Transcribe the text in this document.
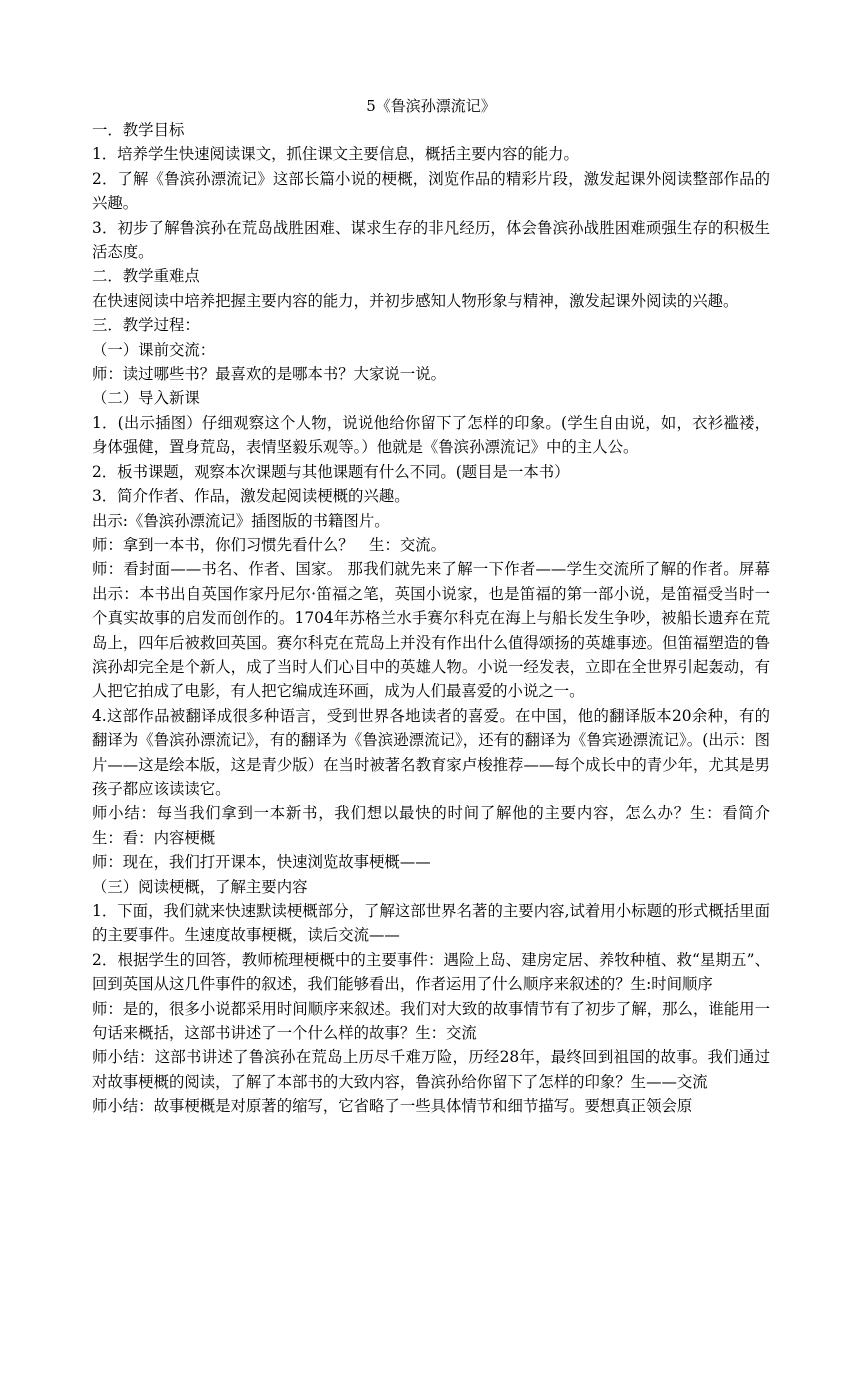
5《鲁滨孙漂流记》

一．教学目标

1．培养学生快速阅读课文，抓住课文主要信息，概括主要内容的能力。

2．了解《鲁滨孙漂流记》这部长篇小说的梗概，浏览作品的精彩片段，激发起课外阅读整部作品的兴趣。

3．初步了解鲁滨孙在荒岛战胜困难、谋求生存的非凡经历，体会鲁滨孙战胜困难顽强生存的积极生活态度。

二．教学重难点

在快速阅读中培养把握主要内容的能力，并初步感知人物形象与精神，激发起课外阅读的兴趣。

三．教学过程：

（一）课前交流：

师：读过哪些书？最喜欢的是哪本书？大家说一说。

（二）导入新课

1．(出示插图）仔细观察这个人物，说说他给你留下了怎样的印象。(学生自由说，如，衣衫褴褛，身体强健，置身荒岛，表情坚毅乐观等。）他就是《鲁滨孙漂流记》中的主人公。

2．板书课题，观察本次课题与其他课题有什么不同。(题目是一本书）

3．简介作者、作品，激发起阅读梗概的兴趣。

出示:《鲁滨孙漂流记》插图版的书籍图片。

师：拿到一本书，你们习惯先看什么？　生：交流。

师：看封面——书名、作者、国家。 那我们就先来了解一下作者——学生交流所了解的作者。屏幕出示：本书出自英国作家丹尼尔·笛福之笔，英国小说家，也是笛福的第一部小说，是笛福受当时一个真实故事的启发而创作的。1704年苏格兰水手赛尔科克在海上与船长发生争吵，被船长遗弃在荒岛上，四年后被救回英国。赛尔科克在荒岛上并没有作出什么值得颂扬的英雄事迹。但笛福塑造的鲁滨孙却完全是个新人，成了当时人们心目中的英雄人物。小说一经发表，立即在全世界引起轰动，有人把它拍成了电影，有人把它编成连环画，成为人们最喜爱的小说之一。

4.这部作品被翻译成很多种语言，受到世界各地读者的喜爱。在中国，他的翻译版本20余种，有的翻译为《鲁滨孙漂流记》，有的翻译为《鲁滨逊漂流记》，还有的翻译为《鲁宾逊漂流记》。(出示：图片——这是绘本版，这是青少版）在当时被著名教育家卢梭推荐——每个成长中的青少年，尤其是男孩子都应该读读它。

师小结：每当我们拿到一本新书，我们想以最快的时间了解他的主要内容，怎么办？生：看简介　 生：看：内容梗概

师：现在，我们打开课本，快速浏览故事梗概——

（三）阅读梗概，了解主要内容

1．下面，我们就来快速默读梗概部分，了解这部世界名著的主要内容,试着用小标题的形式概括里面的主要事件。生速度故事梗概，读后交流——

2．根据学生的回答，教师梳理梗概中的主要事件：遇险上岛、建房定居、养牧种植、救“星期五”、回到英国从这几件事件的叙述，我们能够看出，作者运用了什么顺序来叙述的？生:时间顺序

师：是的，很多小说都采用时间顺序来叙述。我们对大致的故事情节有了初步了解，那么，谁能用一句话来概括，这部书讲述了一个什么样的故事？生：交流

师小结：这部书讲述了鲁滨孙在荒岛上历尽千难万险，历经28年，最终回到祖国的故事。我们通过对故事梗概的阅读，了解了本部书的大致内容，鲁滨孙给你留下了怎样的印象？生——交流

师小结：故事梗概是对原著的缩写，它省略了一些具体情节和细节描写。要想真正领会原
